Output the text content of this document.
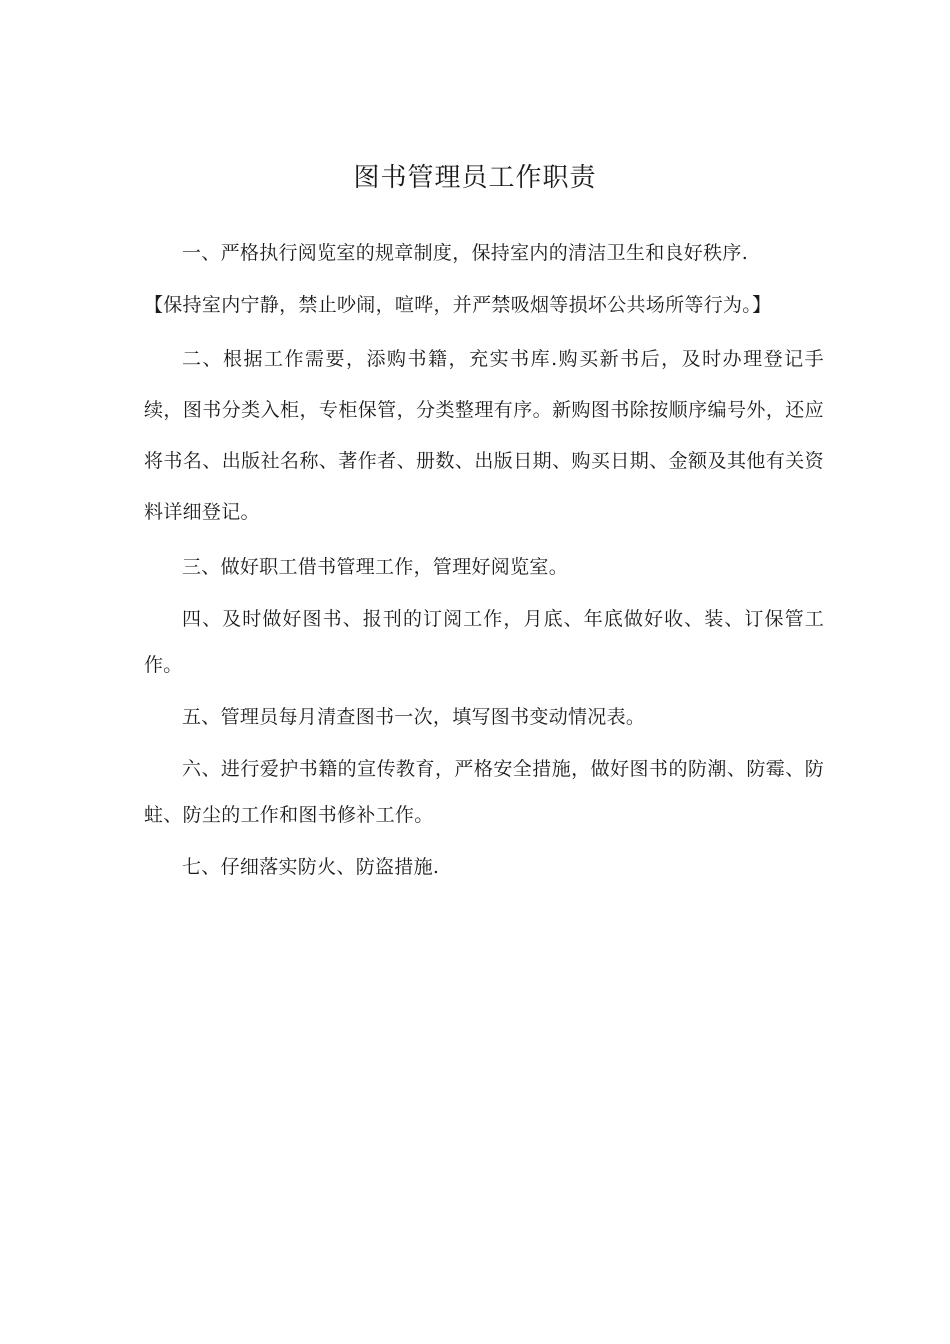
图书管理员工作职责

一、严格执行阅览室的规章制度，保持室内的清洁卫生和良好秩序.

【保持室内宁静，禁止吵闹，喧哗，并严禁吸烟等损坏公共场所等行为。】

二、根据工作需要，添购书籍，充实书库.购买新书后，及时办理登记手续，图书分类入柜，专柜保管，分类整理有序。新购图书除按顺序编号外，还应将书名、出版社名称、著作者、册数、出版日期、购买日期、金额及其他有关资料详细登记。

三、做好职工借书管理工作，管理好阅览室。

四、及时做好图书、报刊的订阅工作，月底、年底做好收、装、订保管工作。

五、管理员每月清查图书一次，填写图书变动情况表。

六、进行爱护书籍的宣传教育，严格安全措施，做好图书的防潮、防霉、防蛀、防尘的工作和图书修补工作。

七、仔细落实防火、防盗措施.
